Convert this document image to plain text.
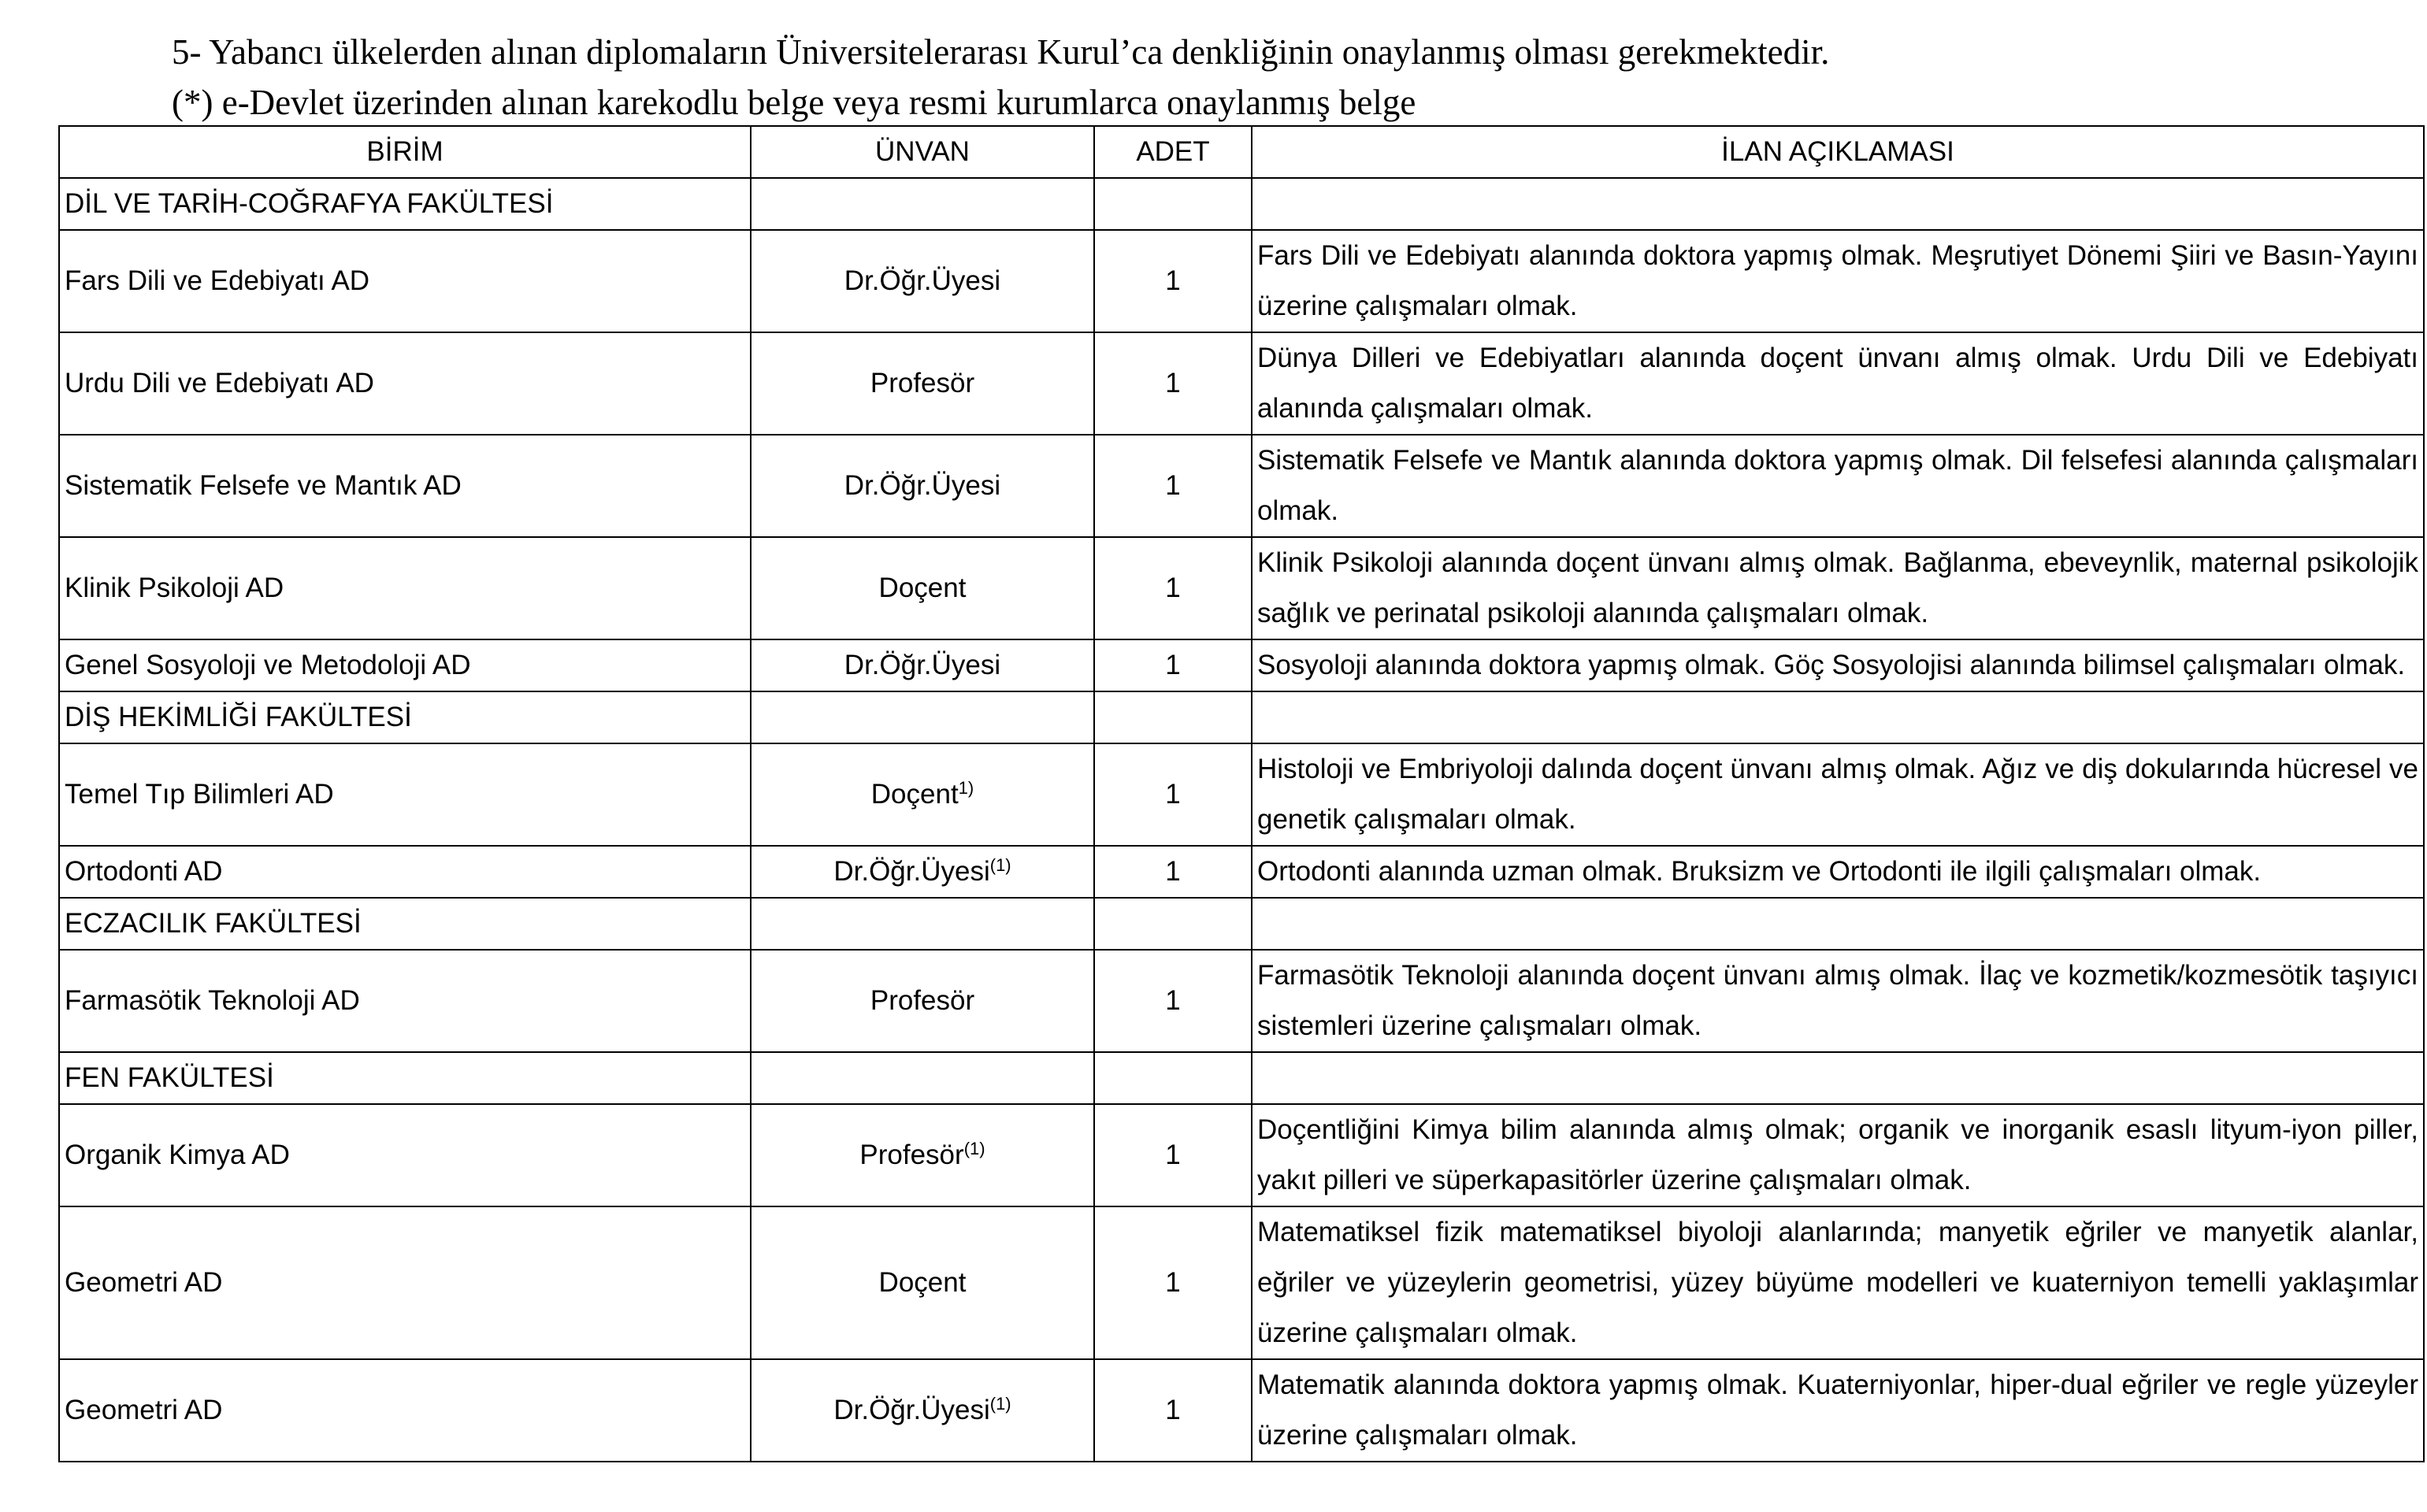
5- Yabancı ülkelerden alınan diplomaların Üniversitelerarası Kurul’ca denkliğinin onaylanmış olması gerekmektedir.

(*) e-Devlet üzerinden alınan karekodlu belge veya resmi kurumlarca onaylanmış belge

BİRİM	ÜNVAN	ADET	İLAN AÇIKLAMASI
DİL VE TARİH-COĞRAFYA FAKÜLTESİ			
Fars Dili ve Edebiyatı AD	Dr.Öğr.Üyesi	1	Fars Dili ve Edebiyatı alanında doktora yapmış olmak. Meşrutiyet Dönemi Şiiri ve Basın-Yayını üzerine çalışmaları olmak.
Urdu Dili ve Edebiyatı AD	Profesör	1	Dünya Dilleri ve Edebiyatları alanında doçent ünvanı almış olmak. Urdu Dili ve Edebiyatı alanında çalışmaları olmak.
Sistematik Felsefe ve Mantık AD	Dr.Öğr.Üyesi	1	Sistematik Felsefe ve Mantık alanında doktora yapmış olmak. Dil felsefesi alanında çalışmaları olmak.
Klinik Psikoloji AD	Doçent	1	Klinik Psikoloji alanında doçent ünvanı almış olmak. Bağlanma, ebeveynlik, maternal psikolojik sağlık ve perinatal psikoloji alanında çalışmaları olmak.
Genel Sosyoloji ve Metodoloji AD	Dr.Öğr.Üyesi	1	Sosyoloji alanında doktora yapmış olmak. Göç Sosyolojisi alanında bilimsel çalışmaları olmak.
DİŞ HEKİMLİĞİ FAKÜLTESİ			
Temel Tıp Bilimleri AD	Doçent$^{1)}$	1	Histoloji ve Embriyoloji dalında doçent ünvanı almış olmak. Ağız ve diş dokularında hücresel ve genetik çalışmaları olmak.
Ortodonti AD	Dr.Öğr.Üyesi$^{(1)}$	1	Ortodonti alanında uzman olmak. Bruksizm ve Ortodonti ile ilgili çalışmaları olmak.
ECZACILIK FAKÜLTESİ			
Farmasötik Teknoloji AD	Profesör	1	Farmasötik Teknoloji alanında doçent ünvanı almış olmak. İlaç ve kozmetik/kozmesötik taşıyıcı sistemleri üzerine çalışmaları olmak.
FEN FAKÜLTESİ			
Organik Kimya AD	Profesör$^{(1)}$	1	Doçentliğini Kimya bilim alanında almış olmak; organik ve inorganik esaslı lityum-iyon piller, yakıt pilleri ve süperkapasitörler üzerine çalışmaları olmak.
Geometri AD	Doçent	1	Matematiksel fizik matematiksel biyoloji alanlarında; manyetik eğriler ve manyetik alanlar, eğriler ve yüzeylerin geometrisi, yüzey büyüme modelleri ve kuaterniyon temelli yaklaşımlar üzerine çalışmaları olmak.
Geometri AD	Dr.Öğr.Üyesi$^{(1)}$	1	Matematik alanında doktora yapmış olmak. Kuaterniyonlar, hiper-dual eğriler ve regle yüzeyler üzerine çalışmaları olmak.
